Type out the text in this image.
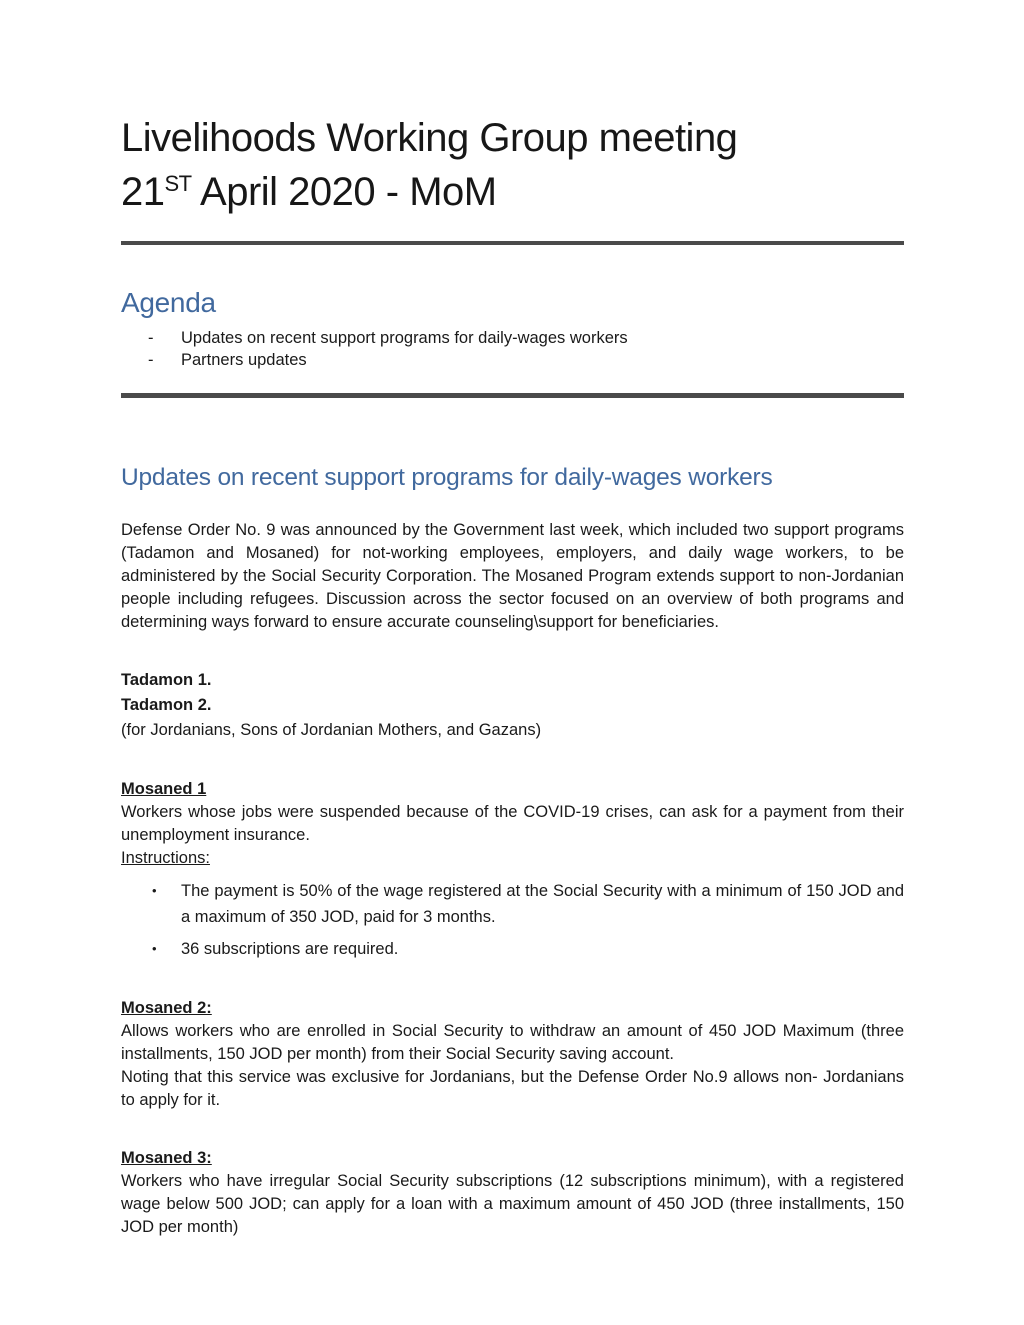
Livelihoods Working Group meeting
21ST April 2020 - MoM
Agenda
-	Updates on recent support programs for daily-wages workers
-	Partners updates
Updates on recent support programs for daily-wages workers
Defense Order No. 9 was announced by the Government last week, which included two support programs (Tadamon and Mosaned) for not-working employees, employers, and daily wage workers, to be administered by the Social Security Corporation. The Mosaned Program extends support to non-Jordanian people including refugees. Discussion across the sector focused on an overview of both programs and determining ways forward to ensure accurate counseling\support for beneficiaries.
Tadamon 1.
Tadamon 2.
(for Jordanians, Sons of Jordanian Mothers, and Gazans)
Mosaned 1
Workers whose jobs were suspended because of the COVID-19 crises, can ask for a payment from their unemployment insurance.
Instructions:
•	The payment is 50% of the wage registered at the Social Security with a minimum of 150 JOD and a maximum of 350 JOD, paid for 3 months.
•	36 subscriptions are required.
Mosaned 2:
Allows workers who are enrolled in Social Security to withdraw an amount of 450 JOD Maximum (three installments, 150 JOD per month) from their Social Security saving account.
Noting that this service was exclusive for Jordanians, but the Defense Order No.9 allows non- Jordanians to apply for it.
Mosaned 3:
Workers who have irregular Social Security subscriptions (12 subscriptions minimum), with a registered wage below 500 JOD; can apply for a loan with a maximum amount of 450 JOD (three installments, 150 JOD per month)
